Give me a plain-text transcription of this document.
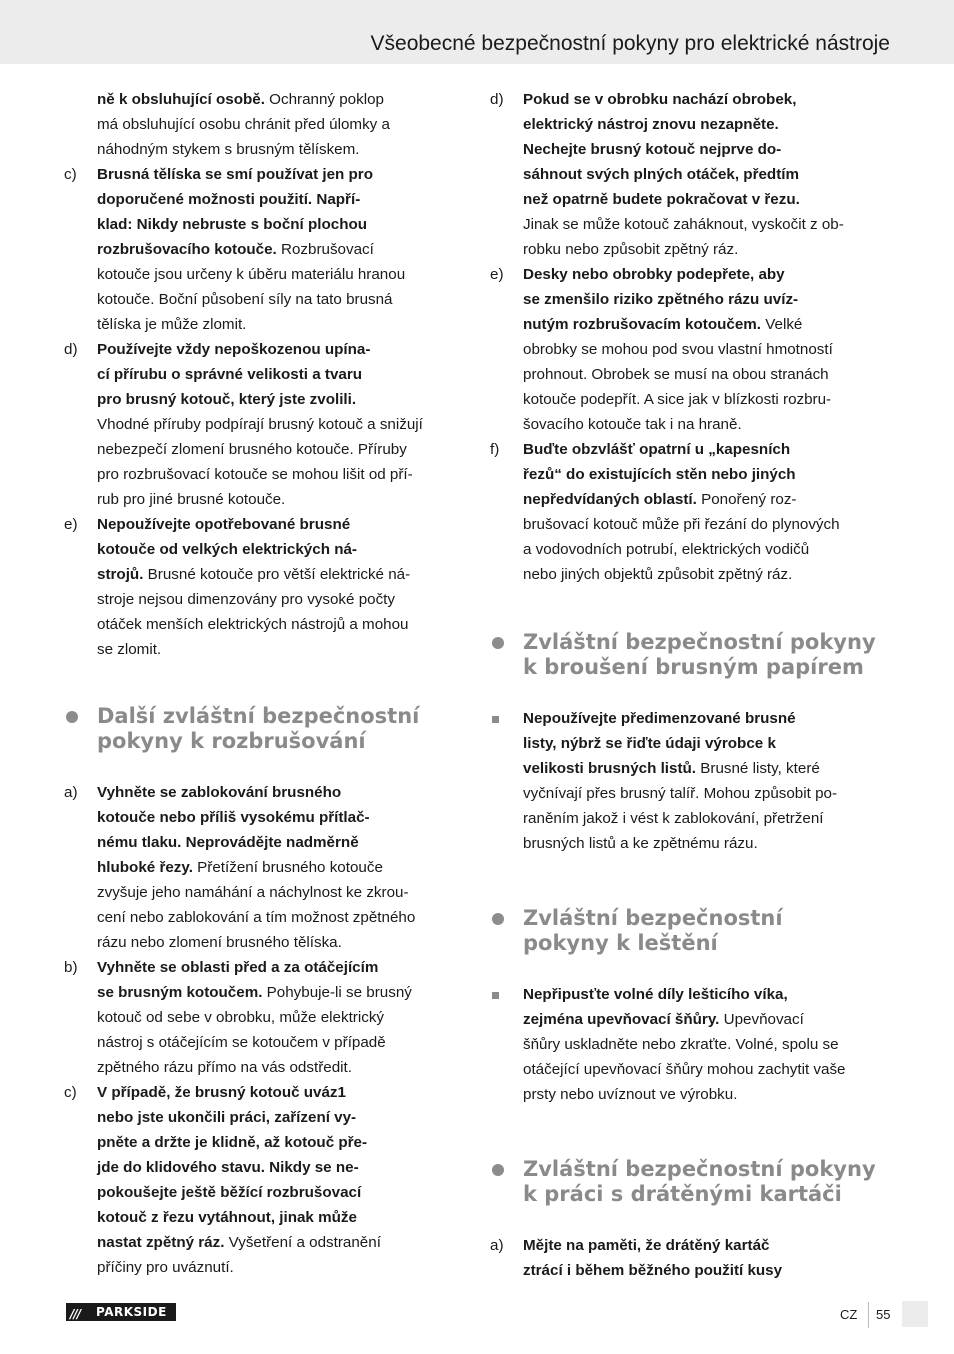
Všeobecné bezpečnostní pokyny pro elektrické nástroje
ně k obsluhující osobě. Ochranný poklop
má obsluhující osobu chránit před úlomky a
náhodným stykem s brusným tělískem.
c) Brusná tělíska se smí používat jen pro
doporučené možnosti použití. Napří-
klad: Nikdy nebruste s boční plochou
rozbrušovacího kotouče. Rozbrušovací
kotouče jsou určeny k úběru materiálu hranou
kotouče. Boční působení síly na tato brusná
tělíska je může zlomit.
d) Používejte vždy nepoškozenou upína-
cí přírubu o správné velikosti a tvaru
pro brusný kotouč, který jste zvolili.
Vhodné příruby podpírají brusný kotouč a snižují
nebezpečí zlomení brusného kotouče. Příruby
pro rozbrušovací kotouče se mohou lišit od pří-
rub pro jiné brusné kotouče.
e) Nepoužívejte opotřebované brusné
kotouče od velkých elektrických ná-
strojů. Brusné kotouče pro větší elektrické ná-
stroje nejsou dimenzovány pro vysoké počty
otáček menších elektrických nástrojů a mohou
se zlomit.
Další zvláštní bezpečnostní
pokyny k rozbrušování
a) Vyhněte se zablokování brusného
kotouče nebo příliš vysokému přítlač-
nému tlaku. Neprovádějte nadměrně
hluboké řezy. Přetížení brusného kotouče
zvyšuje jeho namáhání a náchylnost ke zkrou-
cení nebo zablokování a tím možnost zpětného
rázu nebo zlomení brusného tělíska.
b) Vyhněte se oblasti před a za otáčejícím
se brusným kotoučem. Pohybuje-li se brusný
kotouč od sebe v obrobku, může elektrický
nástroj s otáčejícím se kotoučem v případě
zpětného rázu přímo na vás odstředit.
c) V případě, že brusný kotouč uváz1
nebo jste ukončili práci, zařízení vy-
pněte a držte je klidně, až kotouč pře-
jde do klidového stavu. Nikdy se ne-
pokoušejte ještě běžící rozbrušovací
kotouč z řezu vytáhnout, jinak může
nastat zpětný ráz. Vyšetření a odstranění
příčiny pro uváznutí.
d) Pokud se v obrobku nachází obrobek,
elektrický nástroj znovu nezapněte.
Nechejte brusný kotouč nejprve do-
sáhnout svých plných otáček, předtím
než opatrně budete pokračovat v řezu.
Jinak se může kotouč zaháknout, vyskočit z ob-
robku nebo způsobit zpětný ráz.
e) Desky nebo obrobky podepřete, aby
se zmenšilo riziko zpětného rázu uvíz-
nutým rozbrušovacím kotoučem. Velké
obrobky se mohou pod svou vlastní hmotností
prohnout. Obrobek se musí na obou stranách
kotouče podepřít. A sice jak v blízkosti rozbru-
šovacího kotouče tak i na hraně.
f) Buďte obzvlášť opatrní u „kapesních
řezů“ do existujících stěn nebo jiných
nepředvídaných oblastí. Ponořený roz-
brušovací kotouč může při řezání do plynových
a vodovodních potrubí, elektrických vodičů
nebo jiných objektů způsobit zpětný ráz.
Zvláštní bezpečnostní pokyny
k broušení brusným papírem
Nepoužívejte předimenzované brusné
listy, nýbrž se řiďte údaji výrobce k
velikosti brusných listů. Brusné listy, které
vyčnívají přes brusný talíř. Mohou způsobit po-
raněním jakož i vést k zablokování, přetržení
brusných listů a ke zpětnému rázu.
Zvláštní bezpečnostní
pokyny k leštění
Nepřipusťte volné díly lešticího víka,
zejména upevňovací šňůry. Upevňovací
šňůry uskladněte nebo zkraťte. Volné, spolu se
otáčející upevňovací šňůry mohou zachytit vaše
prsty nebo uvíznout ve výrobku.
Zvláštní bezpečnostní pokyny
k práci s drátěnými kartáči
a) Mějte na paměti, že drátěný kartáč
ztrácí i během běžného použití kusy
///	PARKSIDE	CZ 55
